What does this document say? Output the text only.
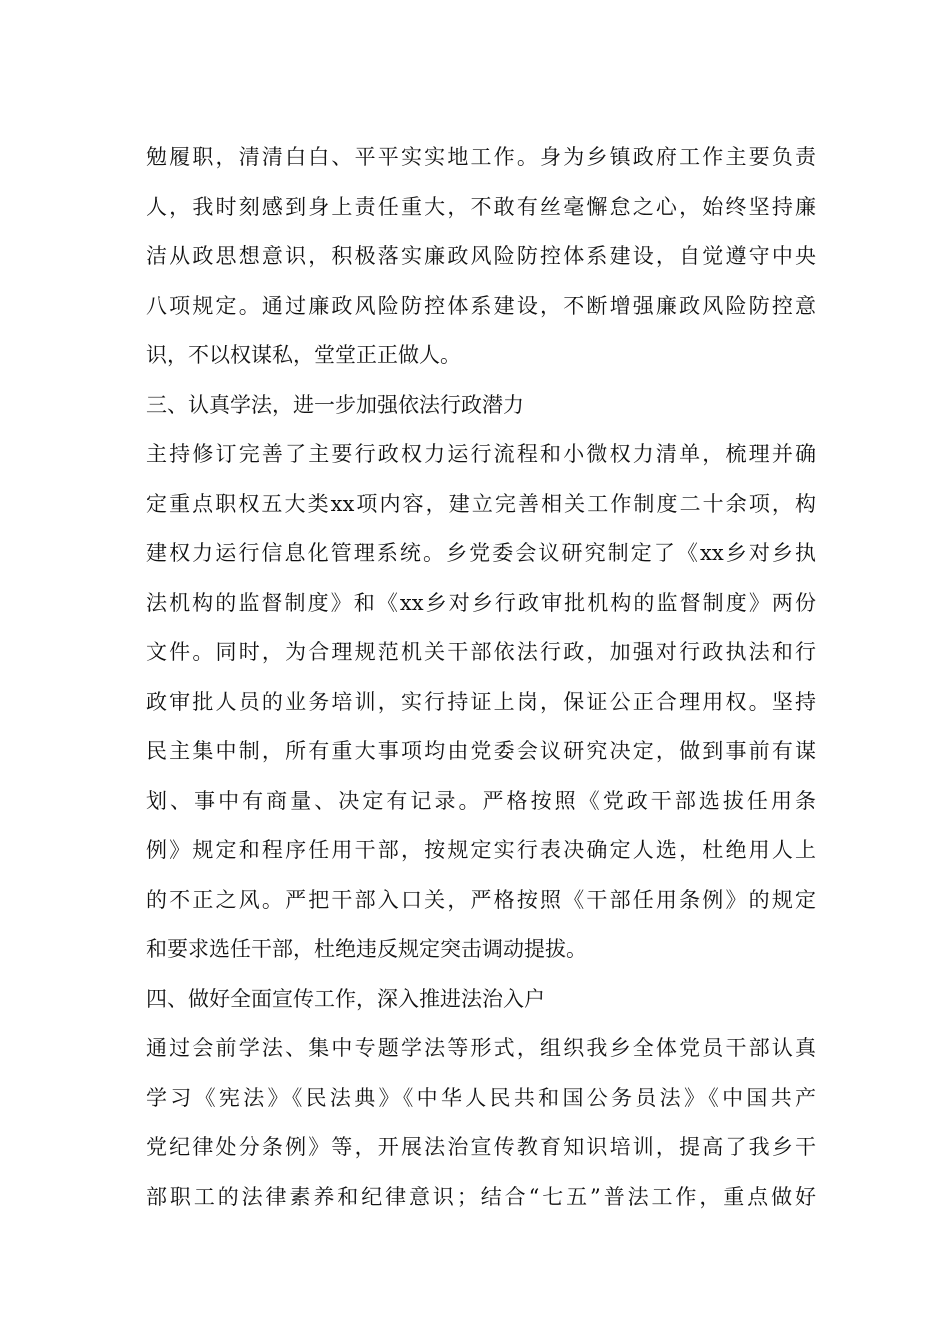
勉履职，清清白白、平平实实地工作。身为乡镇政府工作主要负责
人，我时刻感到身上责任重大，不敢有丝毫懈怠之心，始终坚持廉
洁从政思想意识，积极落实廉政风险防控体系建设，自觉遵守中央
八项规定。通过廉政风险防控体系建设，不断增强廉政风险防控意
识，不以权谋私，堂堂正正做人。
三、认真学法，进一步加强依法行政潜力
主持修订完善了主要行政权力运行流程和小微权力清单，梳理并确
定重点职权五大类xx项内容，建立完善相关工作制度二十余项，构
建权力运行信息化管理系统。乡党委会议研究制定了《xx乡对乡执
法机构的监督制度》和《xx乡对乡行政审批机构的监督制度》两份
文件。同时，为合理规范机关干部依法行政，加强对行政执法和行
政审批人员的业务培训，实行持证上岗，保证公正合理用权。坚持
民主集中制，所有重大事项均由党委会议研究决定，做到事前有谋
划、事中有商量、决定有记录。严格按照《党政干部选拔任用条
例》规定和程序任用干部，按规定实行表决确定人选，杜绝用人上
的不正之风。严把干部入口关，严格按照《干部任用条例》的规定
和要求选任干部，杜绝违反规定突击调动提拔。
四、做好全面宣传工作，深入推进法治入户
通过会前学法、集中专题学法等形式，组织我乡全体党员干部认真
学习《宪法》《民法典》《中华人民共和国公务员法》《中国共产
党纪律处分条例》等，开展法治宣传教育知识培训，提高了我乡干
部职工的法律素养和纪律意识；结合“七五”普法工作，重点做好
